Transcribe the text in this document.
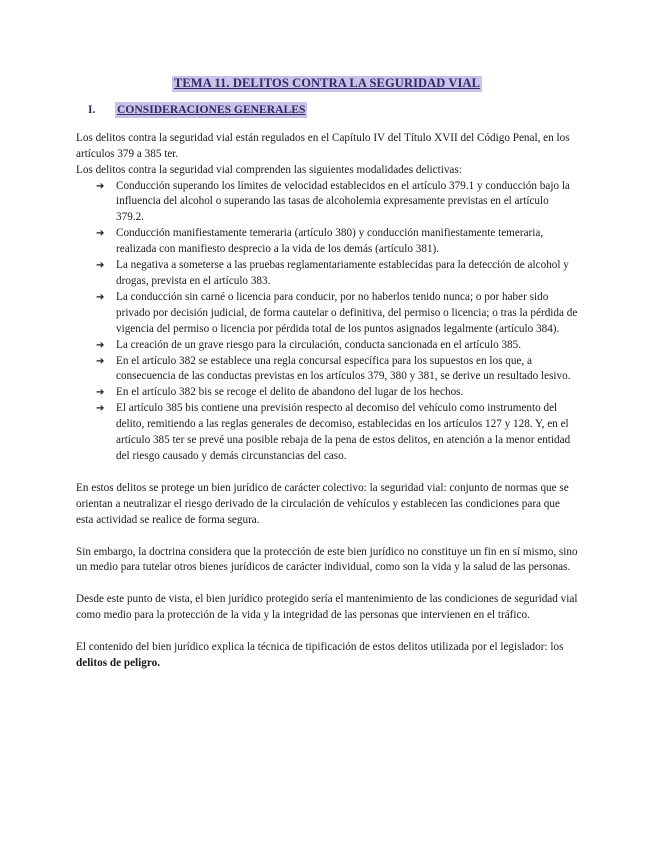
TEMA 11. DELITOS CONTRA LA SEGURIDAD VIAL
I.	CONSIDERACIONES GENERALES

Los delitos contra la seguridad vial están regulados en el Capítulo IV del Título XVII del Código Penal, en los artículos 379 a 385 ter.

Los delitos contra la seguridad vial comprenden las siguientes modalidades delictivas:

➔ Conducción superando los límites de velocidad establecidos en el artículo 379.1 y conducción bajo la influencia del alcohol o superando las tasas de alcoholemia expresamente previstas en el artículo 379.2.
➔ Conducción manifiestamente temeraria (artículo 380) y conducción manifiestamente temeraria, realizada con manifiesto desprecio a la vida de los demás (artículo 381).
➔ La negativa a someterse a las pruebas reglamentariamente establecidas para la detección de alcohol y drogas, prevista en el artículo 383.
➔ La conducción sin carné o licencia para conducir, por no haberlos tenido nunca; o por haber sido privado por decisión judicial, de forma cautelar o definitiva, del permiso o licencia; o tras la pérdida de vigencia del permiso o licencia por pérdida total de los puntos asignados legalmente (artículo 384).
➔ La creación de un grave riesgo para la circulación, conducta sancionada en el artículo 385.
➔ En el artículo 382 se establece una regla concursal específica para los supuestos en los que, a consecuencia de las conductas previstas en los artículos 379, 380 y 381, se derive un resultado lesivo.
➔ En el artículo 382 bis se recoge el delito de abandono del lugar de los hechos.
➔ El artículo 385 bis contiene una previsión respecto al decomiso del vehículo como instrumento del delito, remitiendo a las reglas generales de decomiso, establecidas en los artículos 127 y 128. Y, en el artículo 385 ter se prevé una posible rebaja de la pena de estos delitos, en atención a la menor entidad del riesgo causado y demás circunstancias del caso.

En estos delitos se protege un bien jurídico de carácter colectivo: la seguridad vial: conjunto de normas que se orientan a neutralizar el riesgo derivado de la circulación de vehículos y establecen las condiciones para que esta actividad se realice de forma segura.

Sin embargo, la doctrina considera que la protección de este bien jurídico no constituye un fin en sí mismo, sino un medio para tutelar otros bienes jurídicos de carácter individual, como son la vida y la salud de las personas.

Desde este punto de vista, el bien jurídico protegido sería el mantenimiento de las condiciones de seguridad vial como medio para la protección de la vida y la integridad de las personas que intervienen en el tráfico.

El contenido del bien jurídico explica la técnica de tipificación de estos delitos utilizada por el legislador: los delitos de peligro.
